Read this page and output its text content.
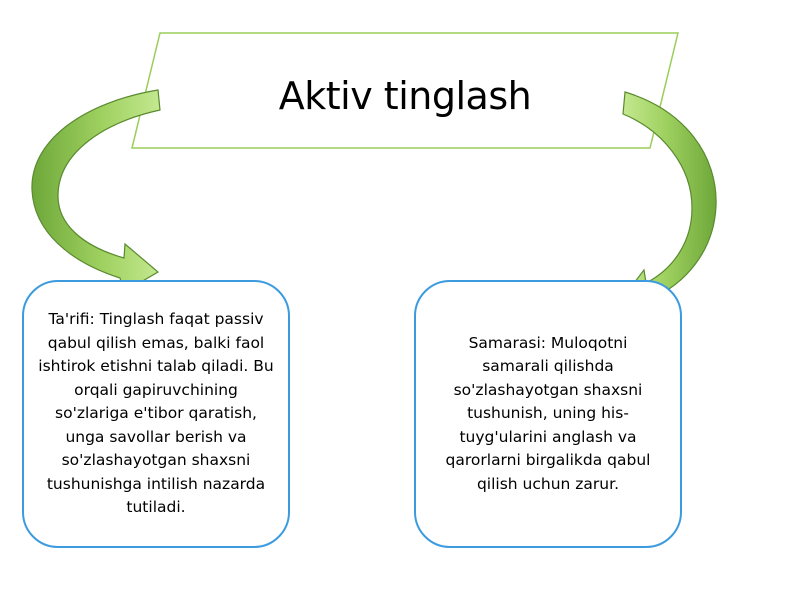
Aktiv tinglash
Ta'rifi: Tinglash faqat passiv qabul qilish emas, balki faol ishtirok etishni talab qiladi. Bu orqali gapiruvchining so'zlariga e'tibor qaratish, unga savollar berish va so'zlashayotgan shaxsni tushunishga intilish nazarda tutiladi.
Samarasi: Muloqotni samarali qilishda so'zlashayotgan shaxsni tushunish, uning his-tuyg'ularini anglash va qarorlarni birgalikda qabul qilish uchun zarur.
